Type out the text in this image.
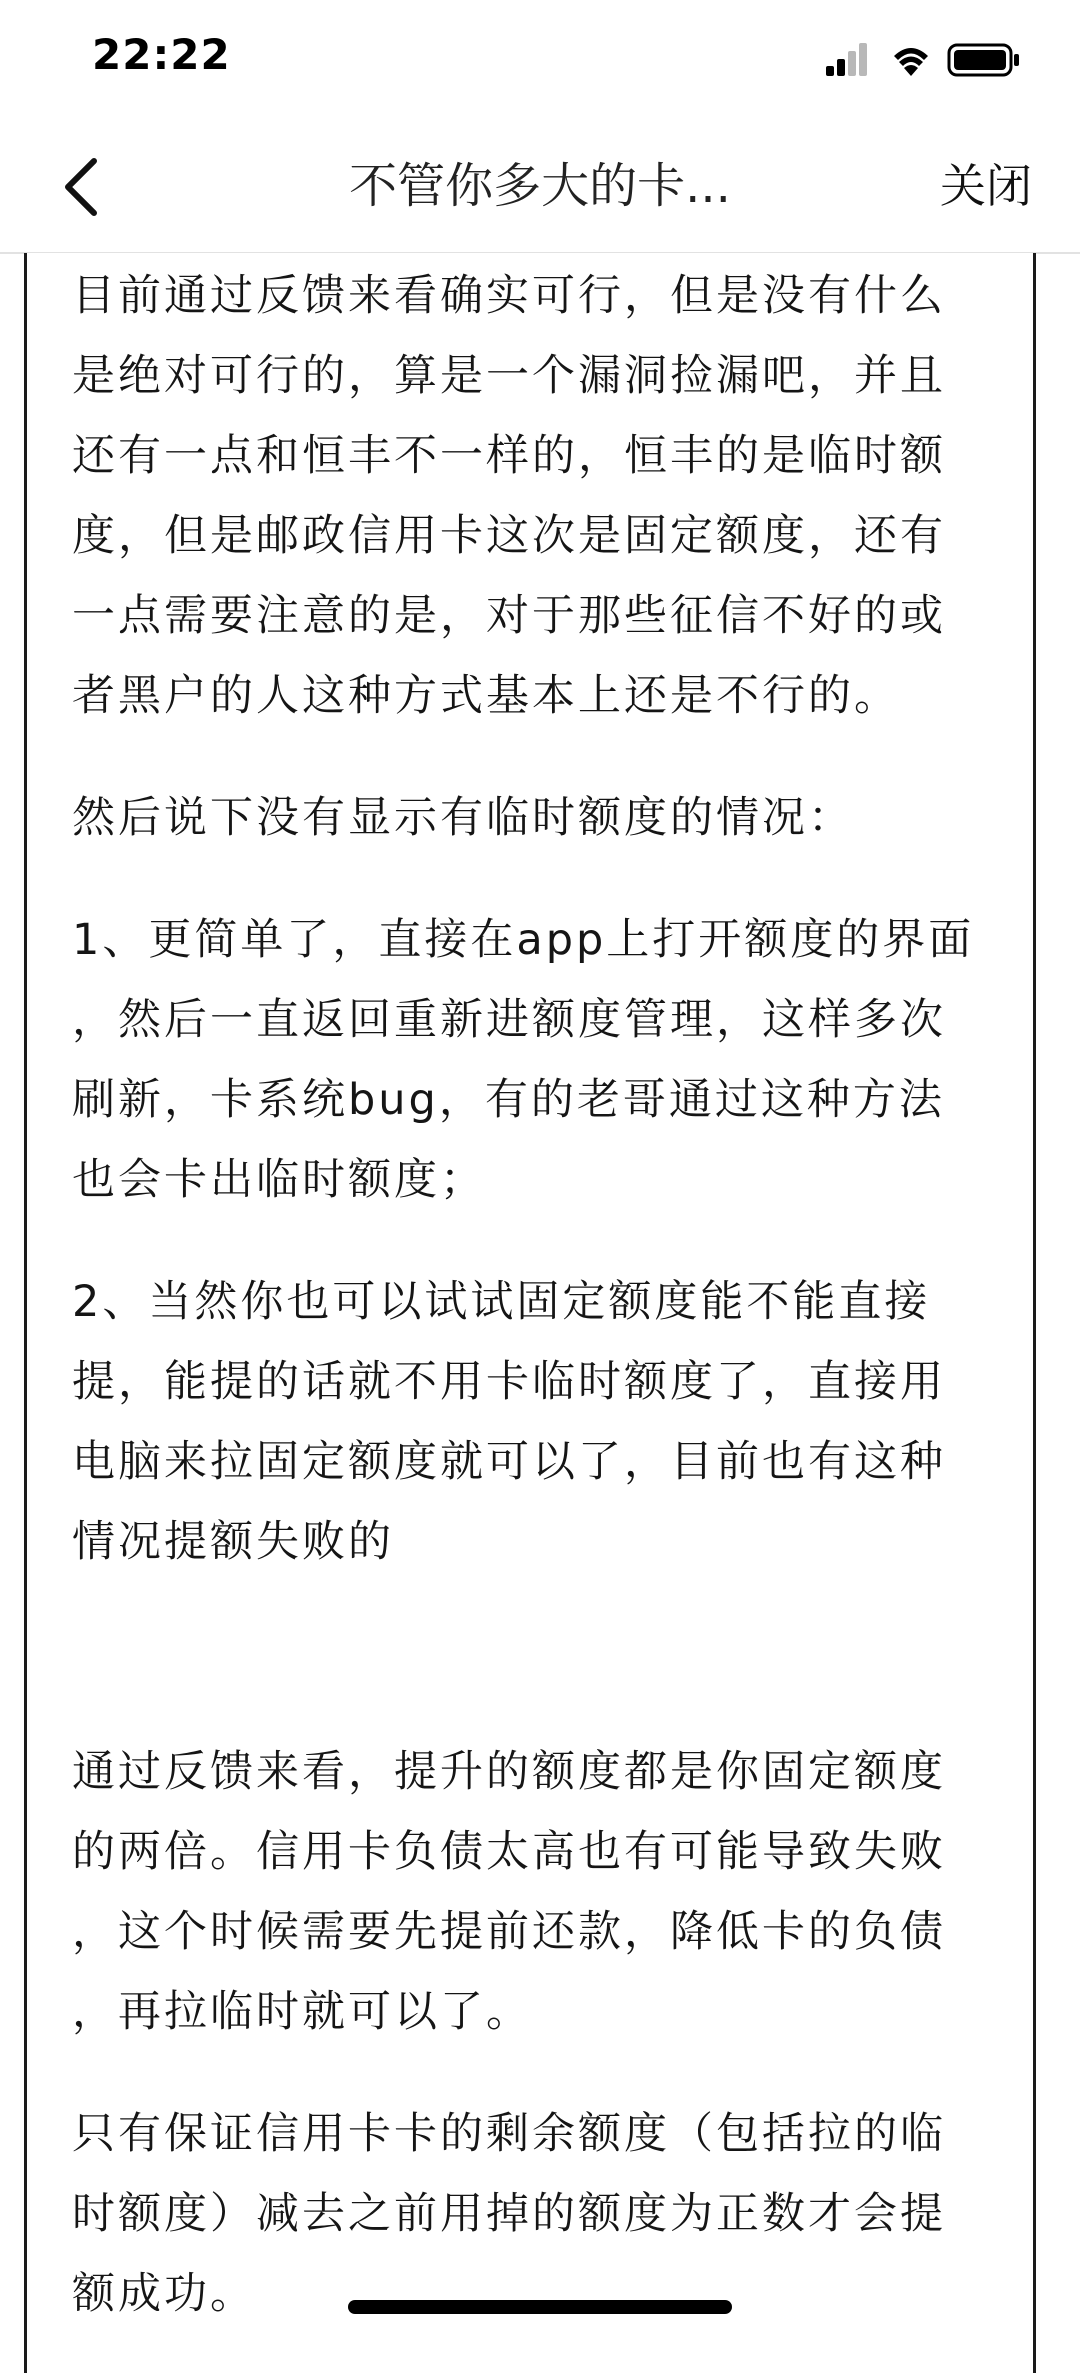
22:22
不管你多大的卡...	关闭
目前通过反馈来看确实可行，但是没有什么
是绝对可行的，算是一个漏洞捡漏吧，并且
还有一点和恒丰不一样的，恒丰的是临时额
度，但是邮政信用卡这次是固定额度，还有
一点需要注意的是，对于那些征信不好的或
者黑户的人这种方式基本上还是不行的。
然后说下没有显示有临时额度的情况：
1、更简单了，直接在app上打开额度的界面
，然后一直返回重新进额度管理，这样多次
刷新，卡系统bug，有的老哥通过这种方法
也会卡出临时额度；
2、当然你也可以试试固定额度能不能直接
提，能提的话就不用卡临时额度了，直接用
电脑来拉固定额度就可以了，目前也有这种
情况提额失败的
通过反馈来看，提升的额度都是你固定额度
的两倍。信用卡负债太高也有可能导致失败
，这个时候需要先提前还款，降低卡的负债
，再拉临时就可以了。
只有保证信用卡卡的剩余额度（包括拉的临
时额度）减去之前用掉的额度为正数才会提
额成功。
